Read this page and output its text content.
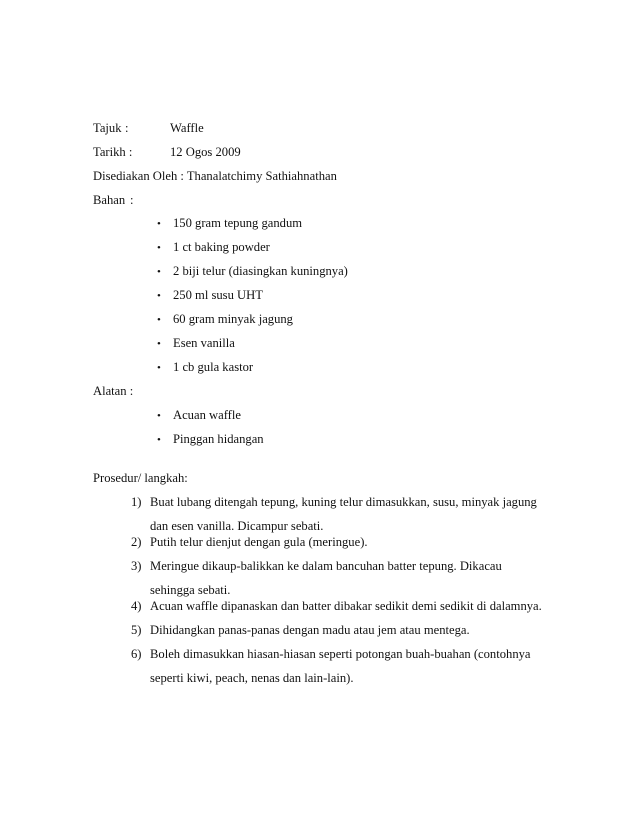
Tajuk :	Waffle
Tarikh :	12 Ogos 2009
Disediakan Oleh : Thanalatchimy Sathiahnathan
Bahan :
• 150 gram tepung gandum
• 1 ct baking powder
• 2 biji telur (diasingkan kuningnya)
• 250 ml susu UHT
• 60 gram minyak jagung
• Esen vanilla
• 1 cb gula kastor
Alatan :
• Acuan waffle
• Pinggan hidangan
Prosedur/ langkah:
1) Buat lubang ditengah tepung, kuning telur dimasukkan, susu, minyak jagung
dan esen vanilla. Dicampur sebati.
2) Putih telur dienjut dengan gula (meringue).
3) Meringue dikaup-balikkan ke dalam bancuhan batter tepung. Dikacau
sehingga sebati.
4) Acuan waffle dipanaskan dan batter dibakar sedikit demi sedikit di dalamnya.
5) Dihidangkan panas-panas dengan madu atau jem atau mentega.
6) Boleh dimasukkan hiasan-hiasan seperti potongan buah-buahan (contohnya
seperti kiwi, peach, nenas dan lain-lain).
